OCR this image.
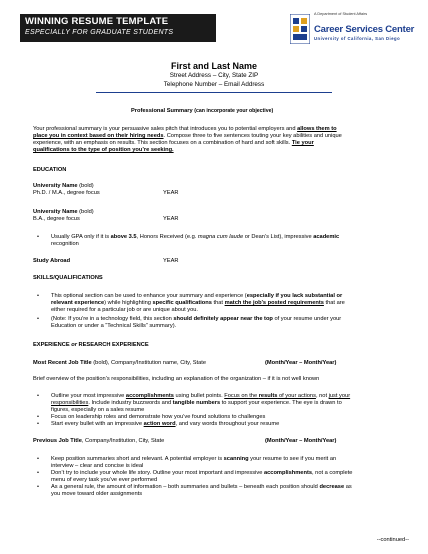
WINNING RESUME TEMPLATE
ESPECIALLY FOR GRADUATE STUDENTS
A Department of Student Affairs
Career Services Center
University of California, San Diego
First and Last Name
Street Address – City, State ZIP
Telephone Number – Email Address
Professional Summary (can incorporate your objective)
Your professional summary is your persuasive sales pitch that introduces you to potential employers and allows them to
place you in context based on their hiring needs. Compose three to five sentences touting your key abilities and unique
experience, with an emphasis on results. This section focuses on a combination of hard and soft skills. Tie your
qualifications to the type of position you’re seeking.
EDUCATION
University Name (bold)
Ph.D. / M.A., degree focus	YEAR
University Name (bold)
B.A., degree focus	YEAR
• Usually GPA only if it is above 3.5, Honors Received (e.g. magna cum laude or Dean’s List), impressive academic
recognition
Study Abroad	YEAR
SKILLS/QUALIFICATIONS
• This optional section can be used to enhance your summary and experience (especially if you lack substantial or
relevant experience) while highlighting specific qualifications that match the job’s posted requirements that are
either required for a particular job or are unique about you.
• (Note: If you’re in a technology field, this section should definitely appear near the top of your resume under your
Education or under a “Technical Skills” summary).
EXPERIENCE or RESEARCH EXPERIENCE
Most Recent Job Title (bold), Company/Institution name, City, State	(Month/Year – Month/Year)
Brief overview of the position’s responsibilities, including an explanation of the organization – if it is not well known
• Outline your most impressive accomplishments using bullet points. Focus on the results of your actions, not just your
responsibilities. Include industry buzzwords and tangible numbers to support your experience. The eye is drawn to
figures, especially on a sales resume
• Focus on leadership roles and demonstrate how you’ve found solutions to challenges
• Start every bullet with an impressive action word, and vary words throughout your resume
Previous Job Title, Company/Institution, City, State	(Month/Year – Month/Year)
• Keep position summaries short and relevant. A potential employer is scanning your resume to see if you merit an
interview – clear and concise is ideal
• Don’t try to include your whole life story. Outline your most important and impressive accomplishments, not a complete
menu of every task you’ve ever performed
• As a general rule, the amount of information – both summaries and bullets – beneath each position should decrease as
you move toward older assignments
--continued--
